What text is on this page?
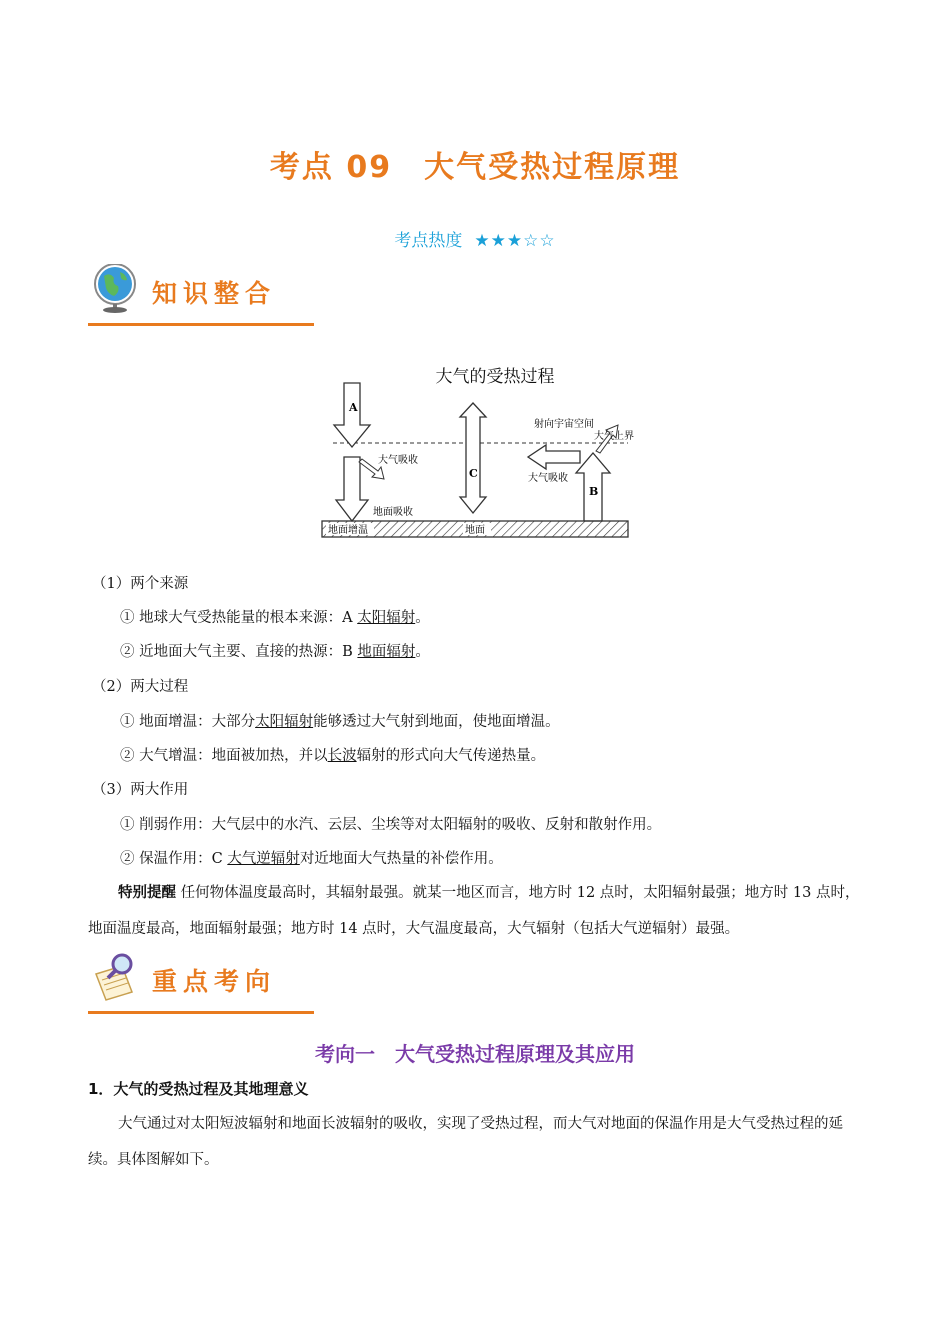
考点 09　大气受热过程原理
考点热度 ★★★☆☆
知识整合
大气的受热过程
A
大气吸收
地面吸收
C
B
大气吸收
射向宇宙空间
大气上界
地面增温	地面
（1）两个来源
① 地球大气受热能量的根本来源：A 太阳辐射。
② 近地面大气主要、直接的热源：B 地面辐射。
（2）两大过程
① 地面增温：大部分太阳辐射能够透过大气射到地面，使地面增温。
② 大气增温：地面被加热，并以长波辐射的形式向大气传递热量。
（3）两大作用
① 削弱作用：大气层中的水汽、云层、尘埃等对太阳辐射的吸收、反射和散射作用。
② 保温作用：C 大气逆辐射对近地面大气热量的补偿作用。
特别提醒 任何物体温度最高时，其辐射最强。就某一地区而言，地方时 12 点时，太阳辐射最强；地方时 13 点时，地面温度最高，地面辐射最强；地方时 14 点时，大气温度最高，大气辐射（包括大气逆辐射）最强。
重点考向
考向一　大气受热过程原理及其应用
1．大气的受热过程及其地理意义
大气通过对太阳短波辐射和地面长波辐射的吸收，实现了受热过程，而大气对地面的保温作用是大气受热过程的延续。具体图解如下。
